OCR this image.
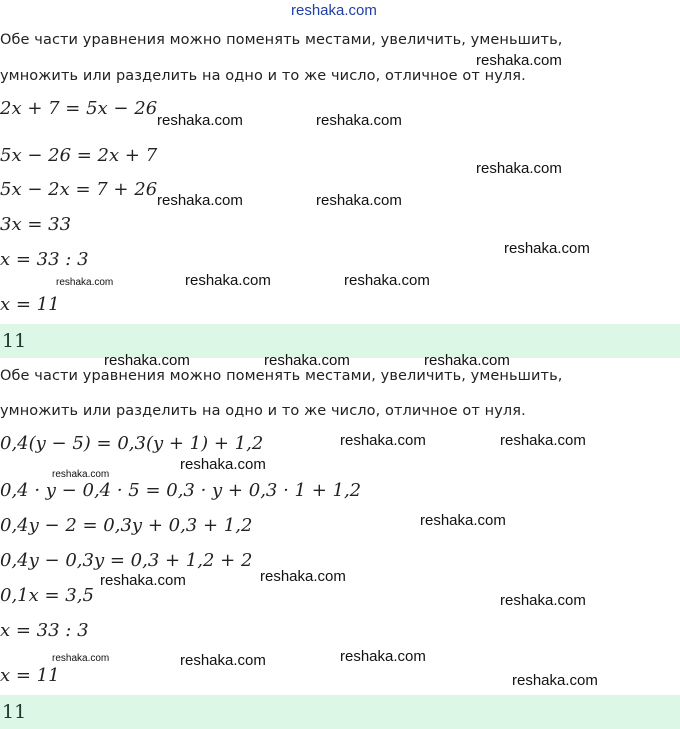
reshaka.com
Обе части уравнения можно поменять местами, увеличить, уменьшить,
умножить или разделить на одно и то же число, отличное от нуля.
2x + 7 = 5x − 26
5x − 26 = 2x + 7
5x − 2x = 7 + 26
3x = 33
x = 33 : 3
x = 11
11
Обе части уравнения можно поменять местами, увеличить, уменьшить,
умножить или разделить на одно и то же число, отличное от нуля.
0,4(y − 5) = 0,3(y + 1) + 1,2
0,4 · y − 0,4 · 5 = 0,3 · y + 0,3 · 1 + 1,2
0,4y − 2 = 0,3y + 0,3 + 1,2
0,4y − 0,3y = 0,3 + 1,2 + 2
0,1x = 3,5
x = 33 : 3
x = 11
11
reshaka.com
reshaka.com	reshaka.com
reshaka.com
reshaka.com	reshaka.com
reshaka.com
reshaka.com	reshaka.com	reshaka.com
reshaka.com	reshaka.com	reshaka.com
reshaka.com	reshaka.com
reshaka.com
reshaka.com
reshaka.com
reshaka.com	reshaka.com
reshaka.com
reshaka.com	reshaka.com	reshaka.com
reshaka.com
